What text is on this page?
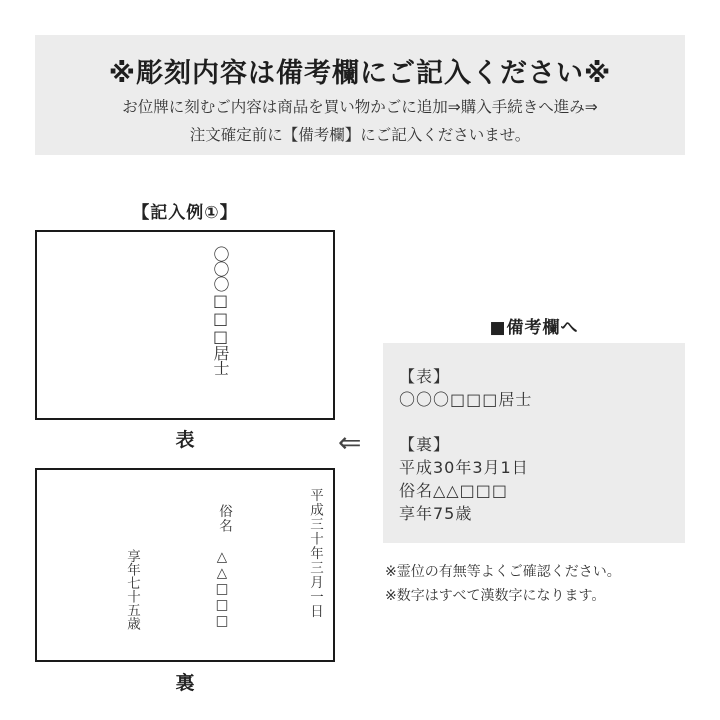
※彫刻内容は備考欄にご記入ください※
お位牌に刻むご内容は商品を買い物かごに追加⇒購入手続きへ進み⇒
注文確定前に【備考欄】にご記入くださいませ。
【記入例①】
〇〇〇□□□居士
表	⇐
平成三十年三月一日
俗名
△△□□□
享年七十五歳
裏
■備考欄へ
【表】
〇〇〇□□□居士
【裏】
平成30年3月1日
俗名△△□□□
享年75歳
※霊位の有無等よくご確認ください。
※数字はすべて漢数字になります。
